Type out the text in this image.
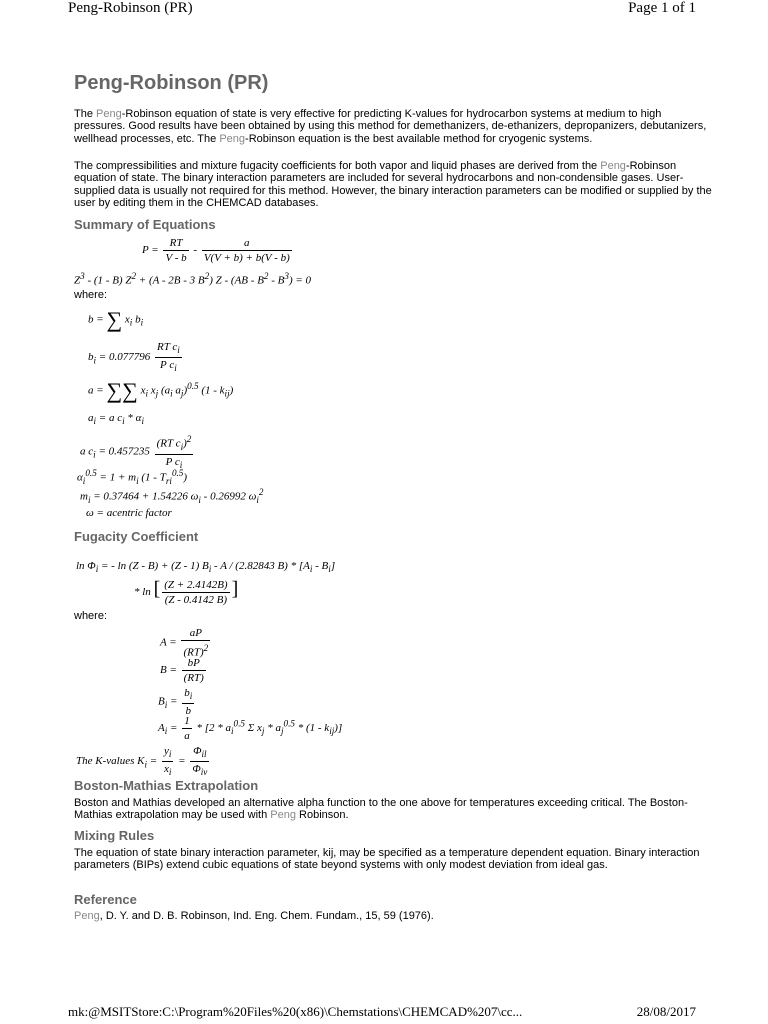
Peng-Robinson (PR)	Page 1 of 1
Peng-Robinson (PR)
The Peng-Robinson equation of state is very effective for predicting K-values for hydrocarbon systems at medium to high pressures. Good results have been obtained by using this method for demethanizers, de-ethanizers, depropanizers, debutanizers, wellhead processes, etc. The Peng-Robinson equation is the best available method for cryogenic systems.
The compressibilities and mixture fugacity coefficients for both vapor and liquid phases are derived from the Peng-Robinson equation of state. The binary interaction parameters are included for several hydrocarbons and non-condensible gases. User-supplied data is usually not required for this method. However, the binary interaction parameters can be modified or supplied by the user by editing them in the CHEMCAD databases.
Summary of Equations
$P = \frac{RT}{V - b} - \frac{a}{V(V + b) + b(V - b)}$
$Z^3 - (1 - B) Z^2 + (A - 2B - 3$ $B^2$) $Z - (AB - B^2 - B^3) = 0$
where:
b = ∑ $x_i$ $b_i$
$b_i = 0.077796 \frac{RT c_i}{P c_i}$
a = ∑∑ $x_i$ $x_j$ ($a_i$ $a_j)^{0.5}$ $(1 - k_{ij})$
$a_i = a$ $c_i * \alpha_i$
a $c_i = 0.457235 \frac{(RT c_i)^2}{P c_i}$
$\alpha_i^{0.5} = 1 + m_i$ $(1 - T_{ri}^{0.5})$
$m_i = 0.37464 + 1.54226$ $\omega_i - 0.26992$ $\omega_i^2$
ω = acentric factor
Fugacity Coefficient
$\ln \Phi_i$ = - ln (Z - B) + (Z - 1) $B_i$ - A / (2.82843 $B) * [A_i - B_i]$
* ln [ $\frac{(Z + 2.4142B)}{(Z - 0.4142 B)}$ ]
where:
$A = \frac{aP}{(RT)^2}$
$B = \frac{bP}{(RT)}$
$B_i = \frac{b_i}{b}$
$A_i = \frac{1}{a} * [2 * a_i^{0.5}$ Σ $x_j * a_j^{0.5} * (1 - k_{ij})$]
The K-values $K_i = \frac{y_i}{x_i} = \frac{\Phi_{il}}{\Phi_{iv}}$
Boston-Mathias Extrapolation
Boston and Mathias developed an alternative alpha function to the one above for temperatures exceeding critical. The Boston-Mathias extrapolation may be used with Peng Robinson.
Mixing Rules
The equation of state binary interaction parameter, kij, may be specified as a temperature dependent equation. Binary interaction parameters (BIPs) extend cubic equations of state beyond systems with only modest deviation from ideal gas.
Reference
Peng, D. Y. and D. B. Robinson, Ind. Eng. Chem. Fundam., 15, 59 (1976).
mk:@MSITStore:C:\Program%20Files%20(x86)\Chemstations\CHEMCAD%207\cc...	28/08/2017
